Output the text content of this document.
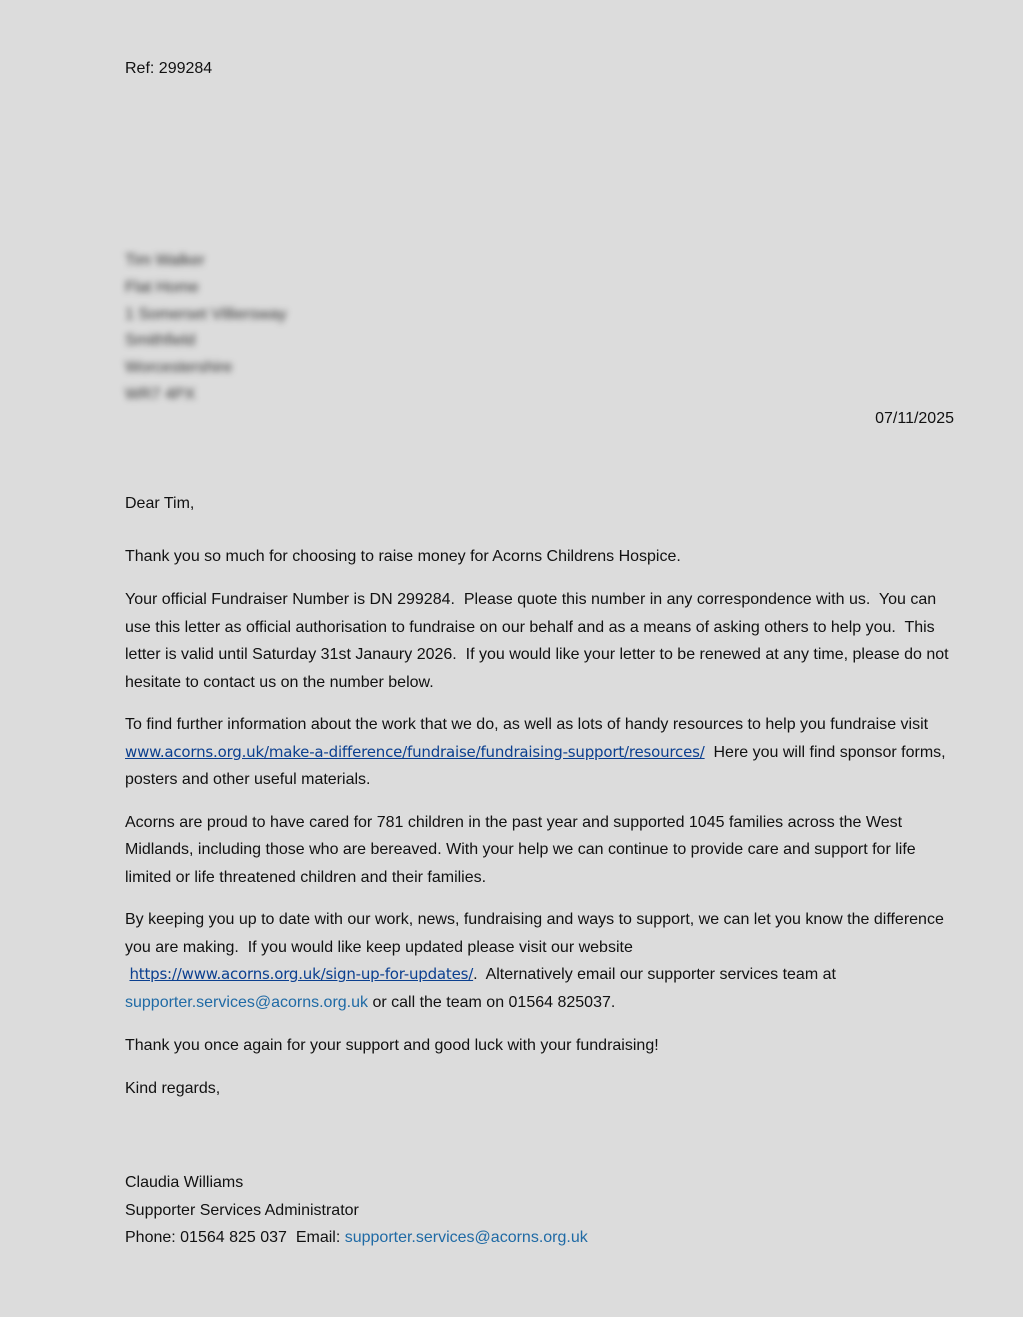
Ref: 299284
Tim Walker
Flat Home
1 Somerset Villiersway
Smithfield
Worcestershire
WR7 4PX
07/11/2025

Dear Tim,

Thank you so much for choosing to raise money for Acorns Childrens Hospice.

Your official Fundraiser Number is DN 299284.  Please quote this number in any correspondence with us.  You can use this letter as official authorisation to fundraise on our behalf and as a means of asking others to help you.  This letter is valid until Saturday 31st Janaury 2026.  If you would like your letter to be renewed at any time, please do not hesitate to contact us on the number below.

To find further information about the work that we do, as well as lots of handy resources to help you fundraise visit  www.acorns.org.uk/make-a-difference/fundraise/fundraising-support/resources/  Here you will find sponsor forms, posters and other useful materials.

Acorns are proud to have cared for 781 children in the past year and supported 1045 families across the West Midlands, including those who are bereaved. With your help we can continue to provide care and support for life limited or life threatened children and their families.

By keeping you up to date with our work, news, fundraising and ways to support, we can let you know the difference you are making.  If you would like keep updated please visit our website
https://www.acorns.org.uk/sign-up-for-updates/.  Alternatively email our supporter services team at
supporter.services@acorns.org.uk or call the team on 01564 825037.

Thank you once again for your support and good luck with your fundraising!

Kind regards,

Claudia Williams
Supporter Services Administrator
Phone: 01564 825 037  Email: supporter.services@acorns.org.uk
